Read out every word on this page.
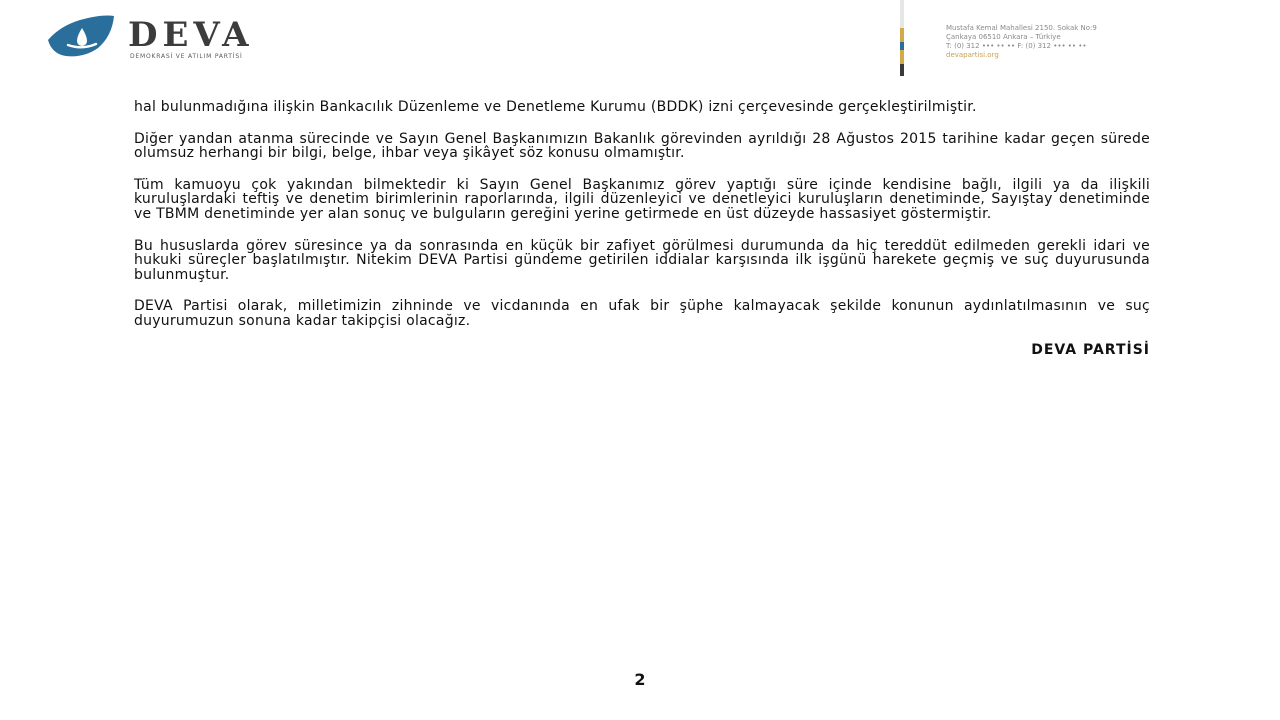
DEVA
DEMOKRASİ VE ATILIM PARTİSİ
Mustafa Kemal Mahallesi 2150. Sokak No:9
Çankaya 06510 Ankara – Türkiye
T: (0) 312 ••• •• •• F: (0) 312 ••• •• ••
devapartisi.org

hal bulunmadığına ilişkin Bankacılık Düzenleme ve Denetleme Kurumu (BDDK) izni çerçevesinde gerçekleştirilmiştir.

Diğer yandan atanma sürecinde ve Sayın Genel Başkanımızın Bakanlık görevinden ayrıldığı 28 Ağustos 2015 tarihine kadar geçen sürede olumsuz herhangi bir bilgi, belge, ihbar veya şikâyet söz konusu olmamıştır.

Tüm kamuoyu çok yakından bilmektedir ki Sayın Genel Başkanımız görev yaptığı süre içinde kendisine bağlı, ilgili ya da ilişkili kuruluşlardaki teftiş ve denetim birimlerinin raporlarında, ilgili düzenleyici ve denetleyici kuruluşların denetiminde, Sayıştay denetiminde ve TBMM denetiminde yer alan sonuç ve bulguların gereğini yerine getirmede en üst düzeyde hassasiyet göstermiştir.

Bu hususlarda görev süresince ya da sonrasında en küçük bir zafiyet görülmesi durumunda da hiç tereddüt edilmeden gerekli idari ve hukuki süreçler başlatılmıştır. Nitekim DEVA Partisi gündeme getirilen iddialar karşısında ilk işgünü harekete geçmiş ve suç duyurusunda bulunmuştur.

DEVA Partisi olarak, milletimizin zihninde ve vicdanında en ufak bir şüphe kalmayacak şekilde konunun aydınlatılmasının ve suç duyurumuzun sonuna kadar takipçisi olacağız.

DEVA PARTİSİ
2
